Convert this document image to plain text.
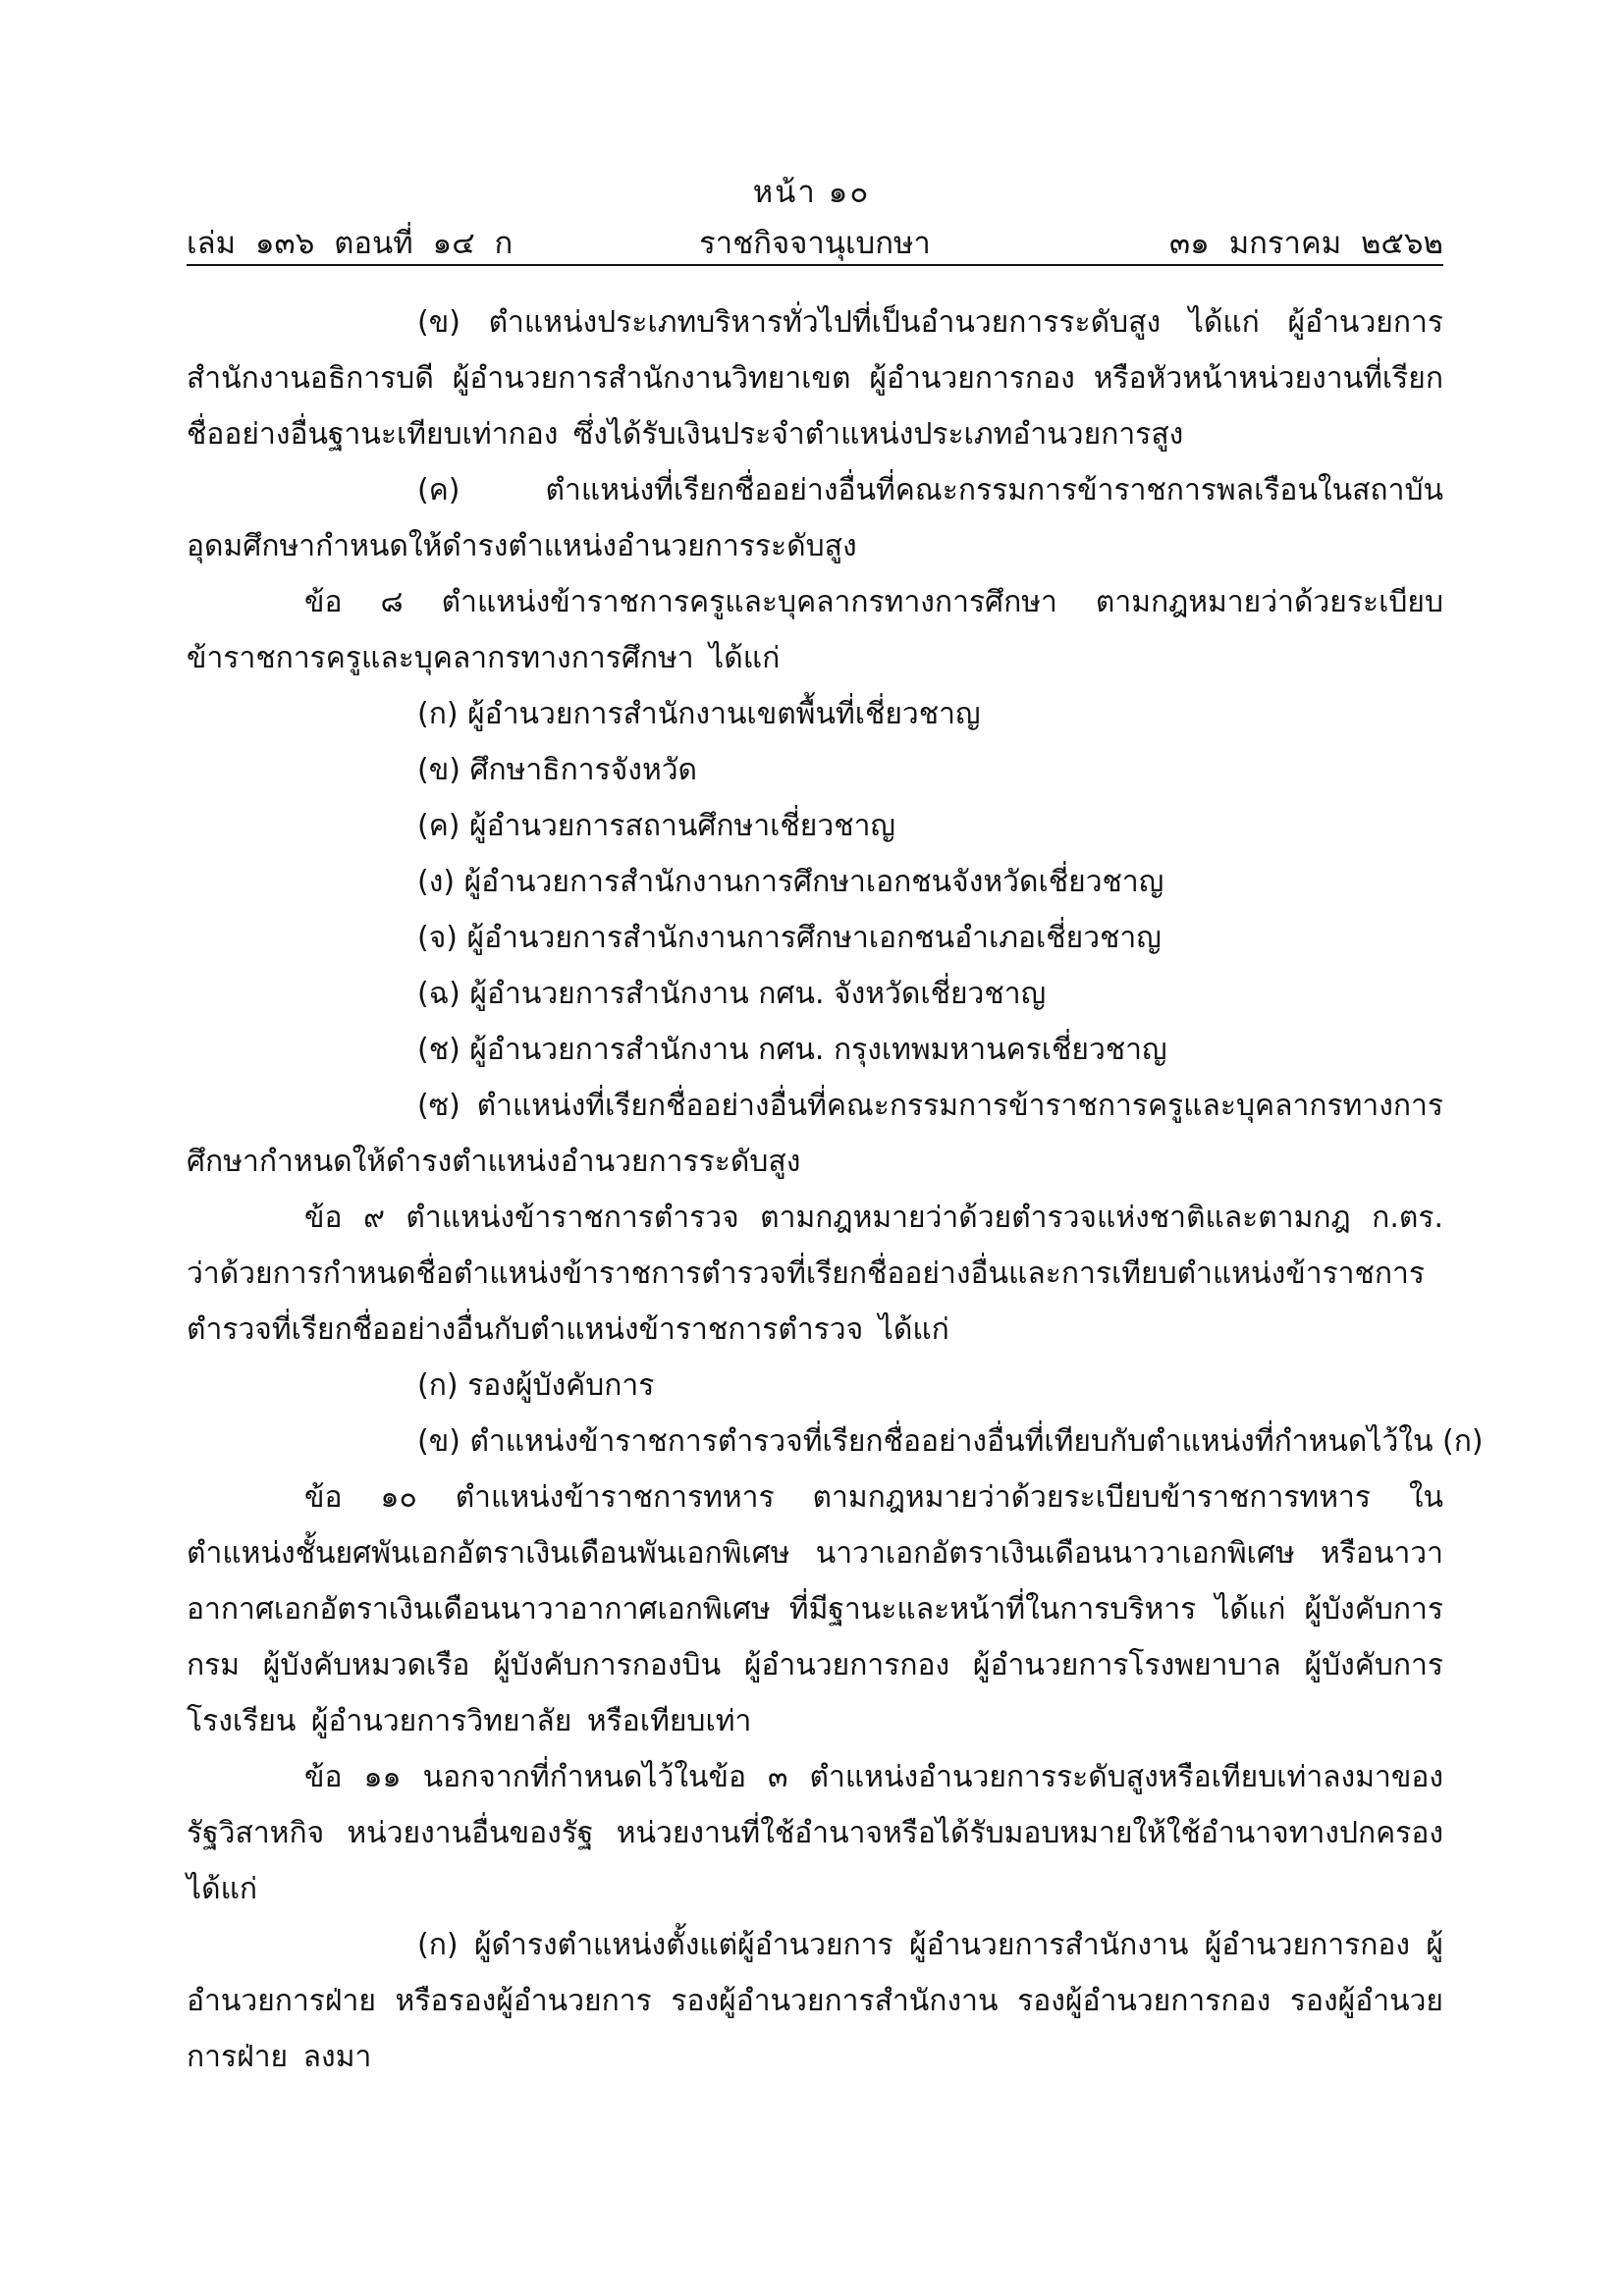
หน้า ๑๐
เล่ม ๑๓๖ ตอนที่ ๑๔ ก	ราชกิจจานุเบกษา	๓๑ มกราคม ๒๕๖๒

(ข) ตำแหน่งประเภทบริหารทั่วไปที่เป็นอำนวยการระดับสูง ได้แก่ ผู้อำนวยการสำนักงานอธิการบดี ผู้อำนวยการสำนักงานวิทยาเขต ผู้อำนวยการกอง หรือหัวหน้าหน่วยงานที่เรียกชื่ออย่างอื่นฐานะเทียบเท่ากอง ซึ่งได้รับเงินประจำตำแหน่งประเภทอำนวยการสูง

(ค) ตำแหน่งที่เรียกชื่ออย่างอื่นที่คณะกรรมการข้าราชการพลเรือนในสถาบันอุดมศึกษากำหนดให้ดำรงตำแหน่งอำนวยการระดับสูง

ข้อ ๘ ตำแหน่งข้าราชการครูและบุคลากรทางการศึกษา ตามกฎหมายว่าด้วยระเบียบข้าราชการครูและบุคลากรทางการศึกษา ได้แก่

(ก) ผู้อำนวยการสำนักงานเขตพื้นที่เชี่ยวชาญ

(ข) ศึกษาธิการจังหวัด

(ค) ผู้อำนวยการสถานศึกษาเชี่ยวชาญ

(ง) ผู้อำนวยการสำนักงานการศึกษาเอกชนจังหวัดเชี่ยวชาญ

(จ) ผู้อำนวยการสำนักงานการศึกษาเอกชนอำเภอเชี่ยวชาญ

(ฉ) ผู้อำนวยการสำนักงาน กศน. จังหวัดเชี่ยวชาญ

(ช) ผู้อำนวยการสำนักงาน กศน. กรุงเทพมหานครเชี่ยวชาญ

(ซ) ตำแหน่งที่เรียกชื่ออย่างอื่นที่คณะกรรมการข้าราชการครูและบุคลากรทางการศึกษากำหนดให้ดำรงตำแหน่งอำนวยการระดับสูง

ข้อ ๙ ตำแหน่งข้าราชการตำรวจ ตามกฎหมายว่าด้วยตำรวจแห่งชาติและตามกฎ ก.ตร. ว่าด้วยการกำหนดชื่อตำแหน่งข้าราชการตำรวจที่เรียกชื่ออย่างอื่นและการเทียบตำแหน่งข้าราชการตำรวจที่เรียกชื่ออย่างอื่นกับตำแหน่งข้าราชการตำรวจ ได้แก่

(ก) รองผู้บังคับการ

(ข) ตำแหน่งข้าราชการตำรวจที่เรียกชื่ออย่างอื่นที่เทียบกับตำแหน่งที่กำหนดไว้ใน (ก)

ข้อ ๑๐ ตำแหน่งข้าราชการทหาร ตามกฎหมายว่าด้วยระเบียบข้าราชการทหาร ในตำแหน่งชั้นยศพันเอกอัตราเงินเดือนพันเอกพิเศษ นาวาเอกอัตราเงินเดือนนาวาเอกพิเศษ หรือนาวาอากาศเอกอัตราเงินเดือนนาวาอากาศเอกพิเศษ ที่มีฐานะและหน้าที่ในการบริหาร ได้แก่ ผู้บังคับการกรม ผู้บังคับหมวดเรือ ผู้บังคับการกองบิน ผู้อำนวยการกอง ผู้อำนวยการโรงพยาบาล ผู้บังคับการโรงเรียน ผู้อำนวยการวิทยาลัย หรือเทียบเท่า

ข้อ ๑๑ นอกจากที่กำหนดไว้ในข้อ ๓ ตำแหน่งอำนวยการระดับสูงหรือเทียบเท่าลงมาของรัฐวิสาหกิจ หน่วยงานอื่นของรัฐ หน่วยงานที่ใช้อำนาจหรือได้รับมอบหมายให้ใช้อำนาจทางปกครอง ได้แก่

(ก) ผู้ดำรงตำแหน่งตั้งแต่ผู้อำนวยการ ผู้อำนวยการสำนักงาน ผู้อำนวยการกอง ผู้อำนวยการฝ่าย หรือรองผู้อำนวยการ รองผู้อำนวยการสำนักงาน รองผู้อำนวยการกอง รองผู้อำนวยการฝ่าย ลงมา
